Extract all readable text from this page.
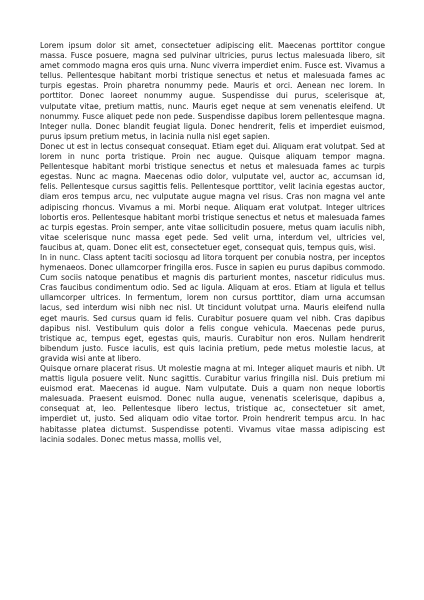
Lorem ipsum dolor sit amet, consectetuer adipiscing elit. Maecenas porttitor congue massa. Fusce posuere, magna sed pulvinar ultricies, purus lectus malesuada libero, sit amet commodo magna eros quis urna. Nunc viverra imperdiet enim. Fusce est. Vivamus a tellus. Pellentesque habitant morbi tristique senectus et netus et malesuada fames ac turpis egestas. Proin pharetra nonummy pede. Mauris et orci. Aenean nec lorem. In porttitor. Donec laoreet nonummy augue. Suspendisse dui purus, scelerisque at, vulputate vitae, pretium mattis, nunc. Mauris eget neque at sem venenatis eleifend. Ut nonummy. Fusce aliquet pede non pede. Suspendisse dapibus lorem pellentesque magna. Integer nulla. Donec blandit feugiat ligula. Donec hendrerit, felis et imperdiet euismod, purus ipsum pretium metus, in lacinia nulla nisl eget sapien.

Donec ut est in lectus consequat consequat. Etiam eget dui. Aliquam erat volutpat. Sed at lorem in nunc porta tristique. Proin nec augue. Quisque aliquam tempor magna. Pellentesque habitant morbi tristique senectus et netus et malesuada fames ac turpis egestas. Nunc ac magna. Maecenas odio dolor, vulputate vel, auctor ac, accumsan id, felis. Pellentesque cursus sagittis felis. Pellentesque porttitor, velit lacinia egestas auctor, diam eros tempus arcu, nec vulputate augue magna vel risus. Cras non magna vel ante adipiscing rhoncus. Vivamus a mi. Morbi neque. Aliquam erat volutpat. Integer ultrices lobortis eros. Pellentesque habitant morbi tristique senectus et netus et malesuada fames ac turpis egestas. Proin semper, ante vitae sollicitudin posuere, metus quam iaculis nibh, vitae scelerisque nunc massa eget pede. Sed velit urna, interdum vel, ultricies vel, faucibus at, quam. Donec elit est, consectetuer eget, consequat quis, tempus quis, wisi.

In in nunc. Class aptent taciti sociosqu ad litora torquent per conubia nostra, per inceptos hymenaeos. Donec ullamcorper fringilla eros. Fusce in sapien eu purus dapibus commodo. Cum sociis natoque penatibus et magnis dis parturient montes, nascetur ridiculus mus. Cras faucibus condimentum odio. Sed ac ligula. Aliquam at eros. Etiam at ligula et tellus ullamcorper ultrices. In fermentum, lorem non cursus porttitor, diam urna accumsan lacus, sed interdum wisi nibh nec nisl. Ut tincidunt volutpat urna. Mauris eleifend nulla eget mauris. Sed cursus quam id felis. Curabitur posuere quam vel nibh. Cras dapibus dapibus nisl. Vestibulum quis dolor a felis congue vehicula. Maecenas pede purus, tristique ac, tempus eget, egestas quis, mauris. Curabitur non eros. Nullam hendrerit bibendum justo. Fusce iaculis, est quis lacinia pretium, pede metus molestie lacus, at gravida wisi ante at libero.

Quisque ornare placerat risus. Ut molestie magna at mi. Integer aliquet mauris et nibh. Ut mattis ligula posuere velit. Nunc sagittis. Curabitur varius fringilla nisl. Duis pretium mi euismod erat. Maecenas id augue. Nam vulputate. Duis a quam non neque lobortis malesuada. Praesent euismod. Donec nulla augue, venenatis scelerisque, dapibus a, consequat at, leo. Pellentesque libero lectus, tristique ac, consectetuer sit amet, imperdiet ut, justo. Sed aliquam odio vitae tortor. Proin hendrerit tempus arcu. In hac habitasse platea dictumst. Suspendisse potenti. Vivamus vitae massa adipiscing est lacinia sodales. Donec metus massa, mollis vel,
